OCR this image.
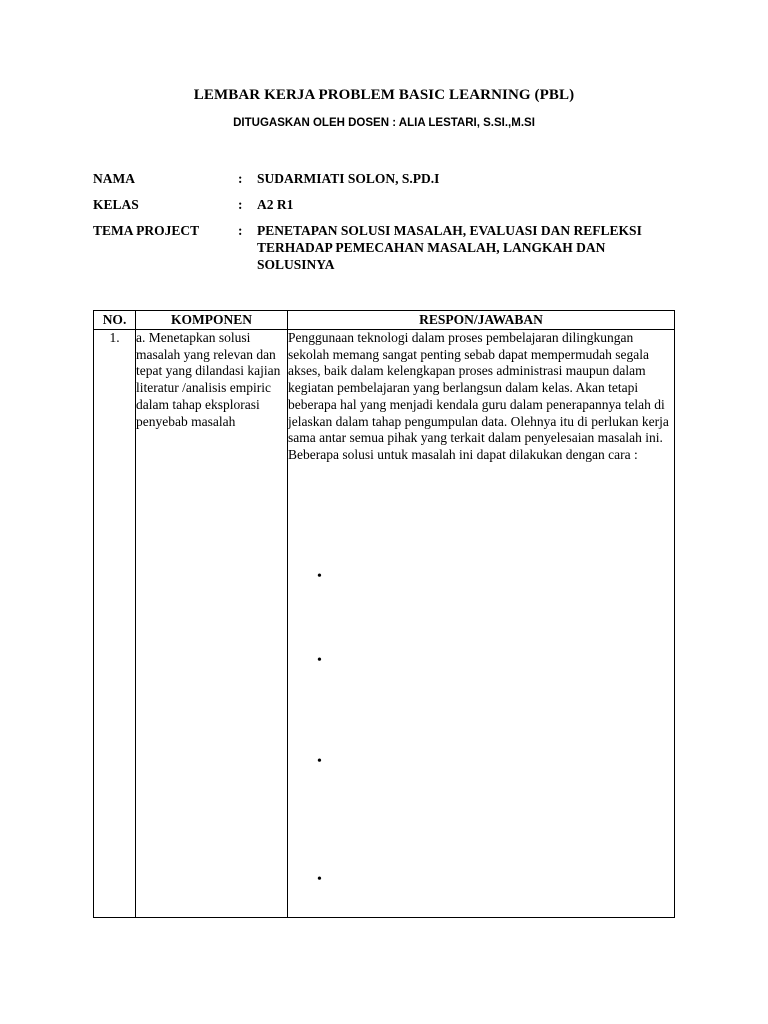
LEMBAR KERJA PROBLEM BASIC LEARNING (PBL)
DITUGASKAN OLEH DOSEN : ALIA LESTARI, S.SI.,M.SI
NAMA	:	SUDARMIATI SOLON, S.PD.I
KELAS	:	A2 R1
TEMA PROJECT	:	PENETAPAN SOLUSI MASALAH, EVALUASI DAN REFLEKSI TERHADAP PEMECAHAN MASALAH, LANGKAH DAN SOLUSINYA
NO.	KOMPONEN	RESPON/JAWABAN
1.	a. Menetapkan solusi masalah yang relevan dan tepat yang dilandasi kajian literatur /analisis empiric dalam tahap eksplorasi penyebab masalah	Penggunaan teknologi dalam proses pembelajaran dilingkungan sekolah memang sangat penting sebab dapat mempermudah segala akses, baik dalam kelengkapan proses administrasi maupun dalam kegiatan pembelajaran yang berlangsun dalam kelas. Akan tetapi beberapa hal yang menjadi kendala guru dalam penerapannya telah di jelaskan dalam tahap pengumpulan data. Olehnya itu di perlukan kerja sama antar semua pihak yang terkait dalam penyelesaian masalah ini. Beberapa solusi untuk masalah ini dapat dilakukan dengan cara :
•
•
•
•
